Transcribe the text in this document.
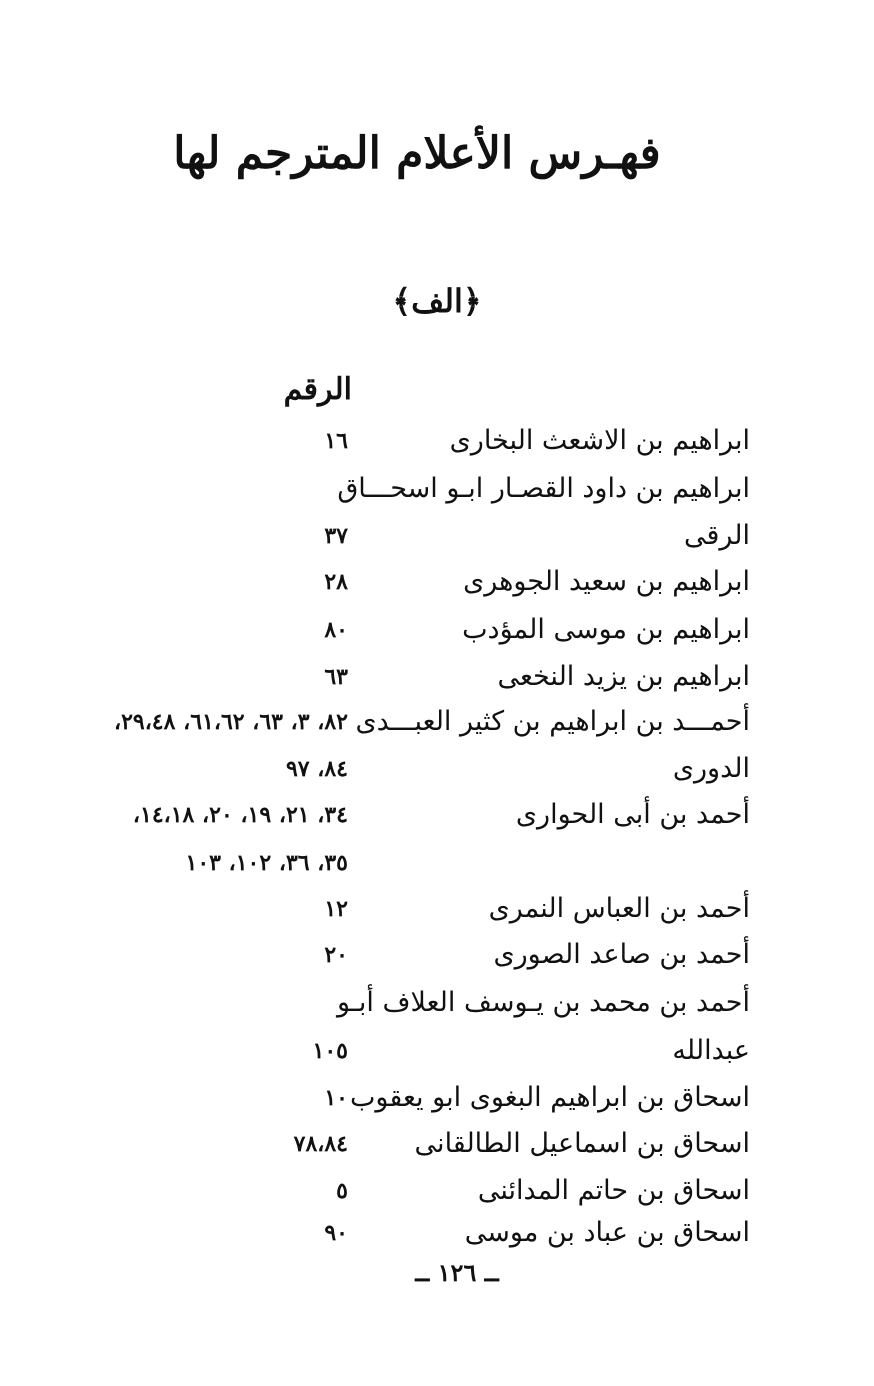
فهـرس الأعلام المترجم لها
﴿الف﴾
الرقم
ابراهيم بن الاشعث البخارى
١٦
ابراهيم بن داود القصـار ابـو اسحـــاق
الرقى
٣٧
ابراهيم بن سعيد الجوهرى
٢٨
ابراهيم بن موسى المؤدب
٨٠
ابراهيم بن يزيد النخعى
٦٣
أحمـــد بن ابراهيم بن كثير العبـــدى
٨٢، ٣، ٦٣، ٦١،٦٢، ٢٩،٤٨،
الدورى
٨٤، ٩٧
أحمد بن أبى الحوارى
٣٤، ٢١، ١٩، ٢٠، ١٤،١٨،
٣٥، ٣٦، ١٠٢، ١٠٣
أحمد بن العباس النمرى
١٢
أحمد بن صاعد الصورى
٢٠
أحمد بن محمد بن يـوسف العلاف أبـو
عبدالله
١٠٥
اسحاق بن ابراهيم البغوى ابو يعقوب
١٠
اسحاق بن اسماعيل الطالقانى
٧٨،٨٤
اسحاق بن حاتم المدائنى
٥
اسحاق بن عباد بن موسى
٩٠
ــ ١٢٦ ــ
